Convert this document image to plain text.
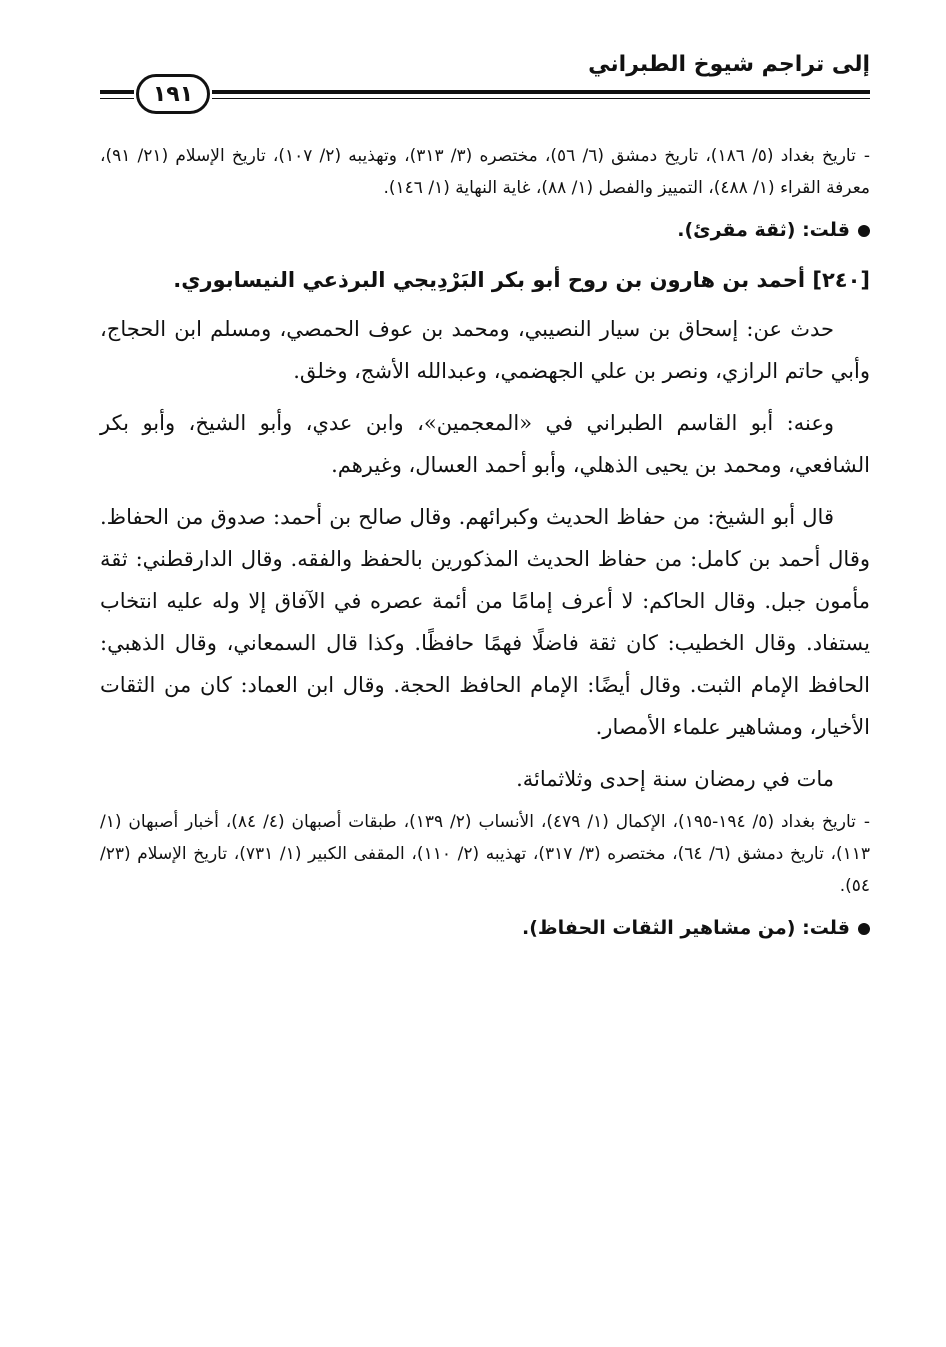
إلى تراجم شيوخ الطبراني
١٩١

-تاريخ بغداد (٥/ ١٨٦)، تاريخ دمشق (٦/ ٥٦)، مختصره (٣/ ٣١٣)، وتهذيبه (٢/ ١٠٧)، تاريخ الإسلام (٢١/ ٩١)، معرفة القراء (١/ ٤٨٨)، التمييز والفصل (١/ ٨٨)، غاية النهاية (١/ ١٤٦).

قلت: (ثقة مقرئ).
[٢٤٠] أحمد بن هارون بن روح أبو بكر البَرْدِيجي البرذعي النيسابوري.

حدث عن: إسحاق بن سيار النصيبي، ومحمد بن عوف الحمصي، ومسلم ابن الحجاج، وأبي حاتم الرازي، ونصر بن علي الجهضمي، وعبدالله الأشج، وخلق.

وعنه: أبو القاسم الطبراني في «المعجمين»، وابن عدي، وأبو الشيخ، وأبو بكر الشافعي، ومحمد بن يحيى الذهلي، وأبو أحمد العسال، وغيرهم.

قال أبو الشيخ: من حفاظ الحديث وكبرائهم. وقال صالح بن أحمد: صدوق من الحفاظ. وقال أحمد بن كامل: من حفاظ الحديث المذكورين بالحفظ والفقه. وقال الدارقطني: ثقة مأمون جبل. وقال الحاكم: لا أعرف إمامًا من أئمة عصره في الآفاق إلا وله عليه انتخاب يستفاد. وقال الخطيب: كان ثقة فاضلًا فهمًا حافظًا. وكذا قال السمعاني، وقال الذهبي: الحافظ الإمام الثبت. وقال أيضًا: الإمام الحافظ الحجة. وقال ابن العماد: كان من الثقات الأخيار، ومشاهير علماء الأمصار.

مات في رمضان سنة إحدى وثلاثمائة.

-تاريخ بغداد (٥/ ١٩٤-١٩٥)، الإكمال (١/ ٤٧٩)، الأنساب (٢/ ١٣٩)، طبقات أصبهان (٤/ ٨٤)، أخبار أصبهان (١/ ١١٣)، تاريخ دمشق (٦/ ٦٤)، مختصره (٣/ ٣١٧)، تهذيبه (٢/ ١١٠)، المقفى الكبير (١/ ٧٣١)، تاريخ الإسلام (٢٣/ ٥٤).

قلت: (من مشاهير الثقات الحفاظ).
